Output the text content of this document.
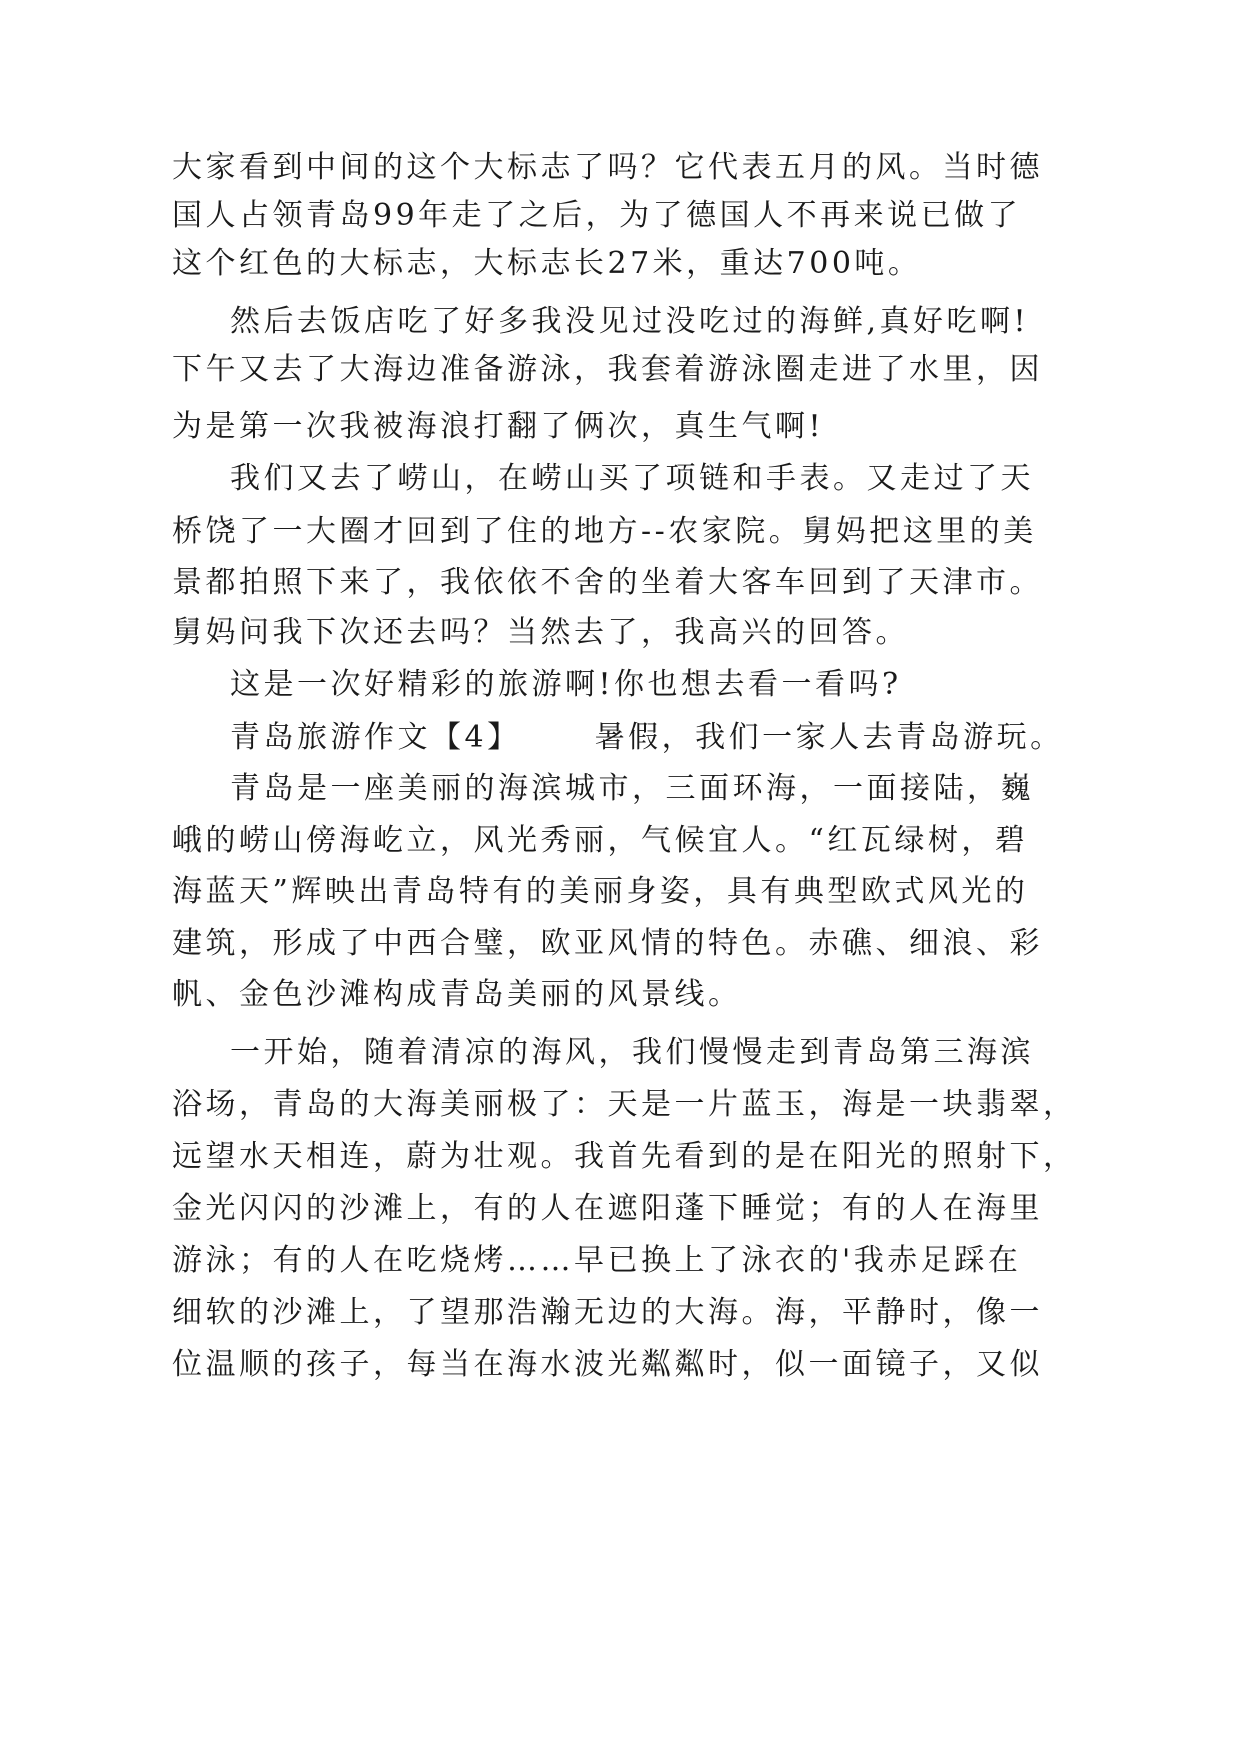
大家看到中间的这个大标志了吗？它代表五月的风。当时德
国人占领青岛99年走了之后，为了德国人不再来说已做了
这个红色的大标志，大标志长27米，重达700吨。
然后去饭店吃了好多我没见过没吃过的海鲜,真好吃啊!
下午又去了大海边准备游泳，我套着游泳圈走进了水里，因
为是第一次我被海浪打翻了俩次，真生气啊!
我们又去了崂山，在崂山买了项链和手表。又走过了天
桥饶了一大圈才回到了住的地方--农家院。舅妈把这里的美
景都拍照下来了，我依依不舍的坐着大客车回到了天津市。
舅妈问我下次还去吗？当然去了，我高兴的回答。
这是一次好精彩的旅游啊!你也想去看一看吗?
青岛旅游作文【4】 暑假，我们一家人去青岛游玩。
青岛是一座美丽的海滨城市，三面环海，一面接陆，巍
峨的崂山傍海屹立，风光秀丽，气候宜人。“红瓦绿树，碧
海蓝天”辉映出青岛特有的美丽身姿，具有典型欧式风光的
建筑，形成了中西合璧，欧亚风情的特色。赤礁、细浪、彩
帆、金色沙滩构成青岛美丽的风景线。
一开始，随着清凉的海风，我们慢慢走到青岛第三海滨
浴场，青岛的大海美丽极了：天是一片蓝玉，海是一块翡翠，
远望水天相连，蔚为壮观。我首先看到的是在阳光的照射下，
金光闪闪的沙滩上，有的人在遮阳蓬下睡觉；有的人在海里
游泳；有的人在吃烧烤……早已换上了泳衣的'我赤足踩在
细软的沙滩上，了望那浩瀚无边的大海。海，平静时，像一
位温顺的孩子，每当在海水波光粼粼时，似一面镜子，又似
